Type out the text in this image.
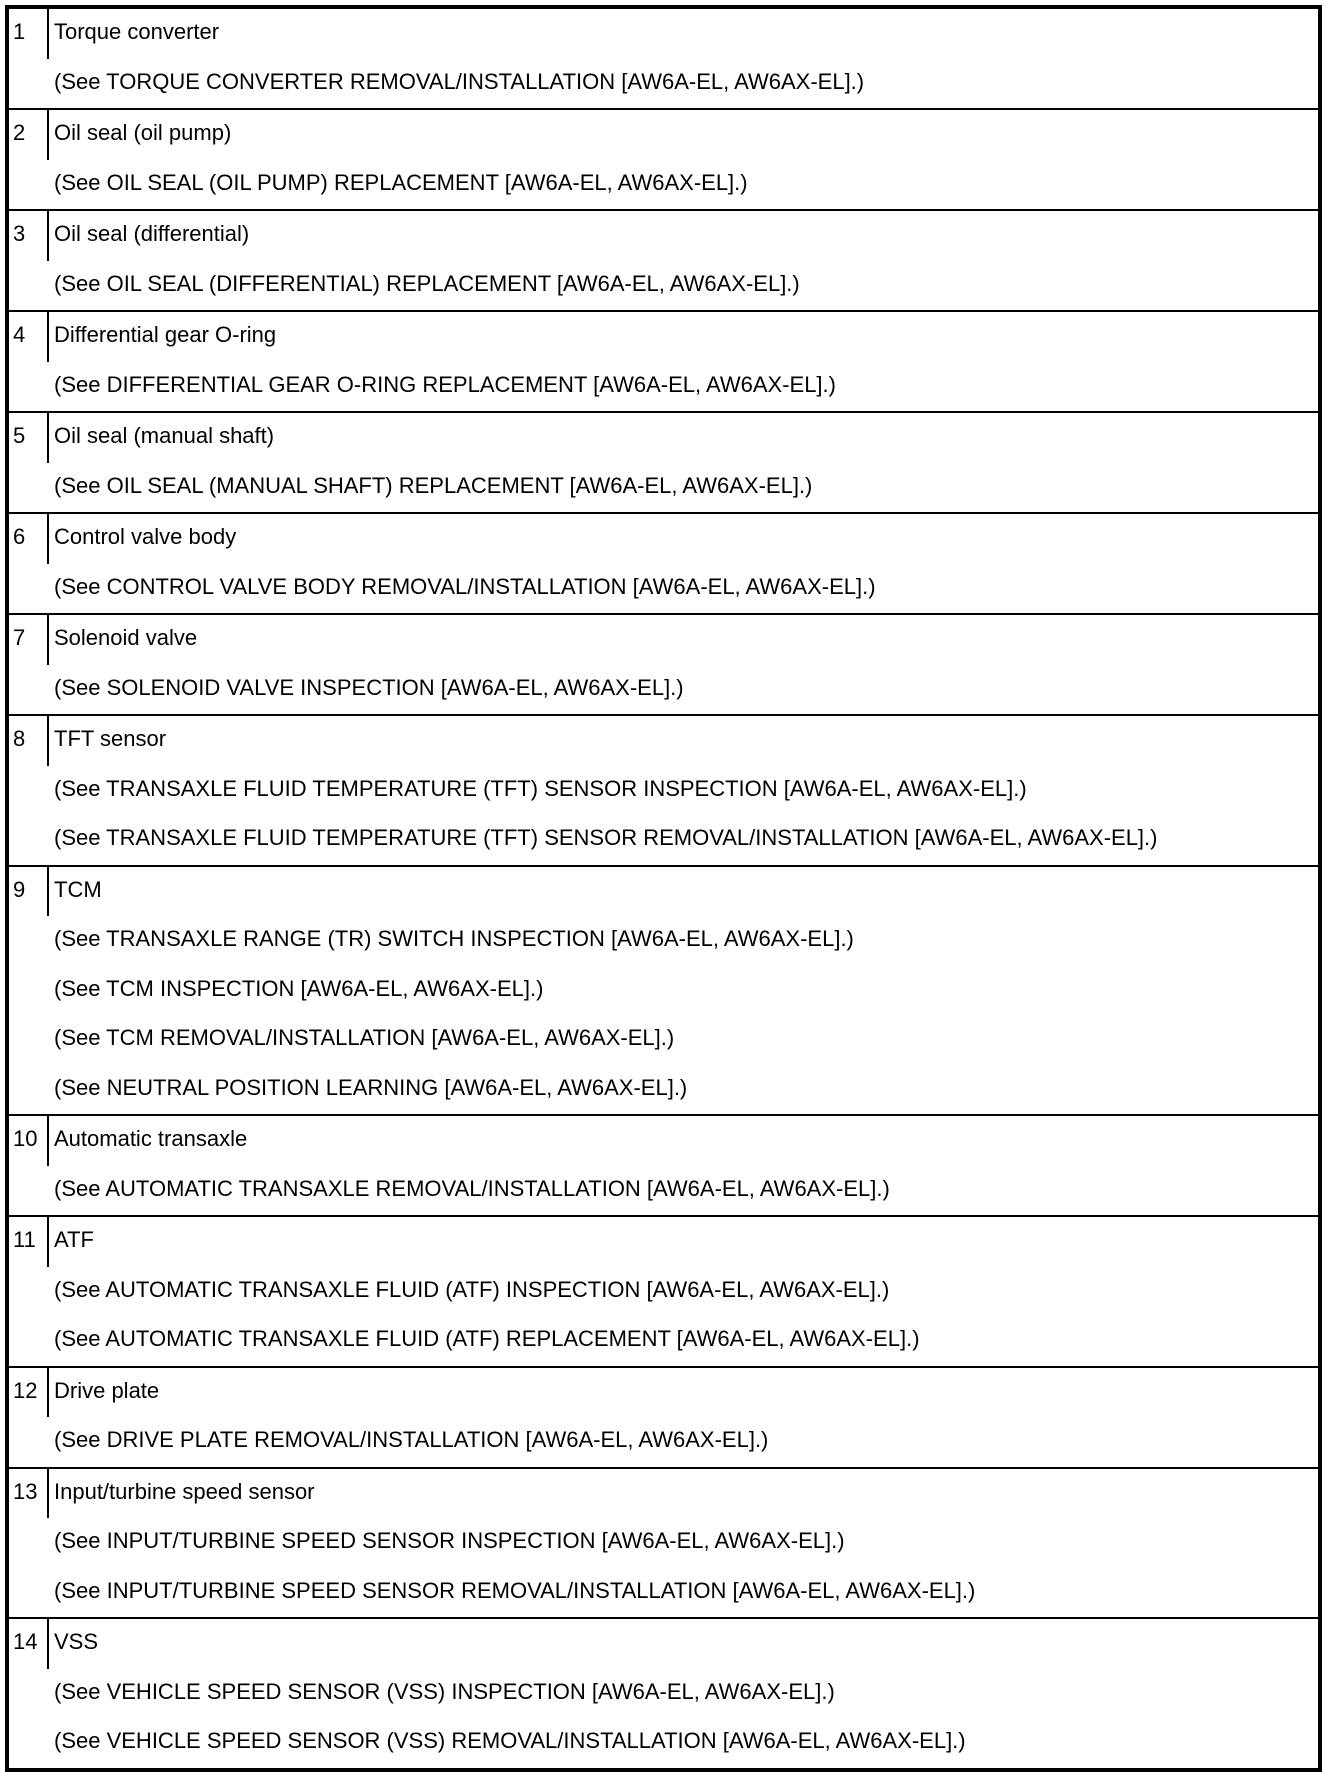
1	Torque converter
(See TORQUE CONVERTER REMOVAL/INSTALLATION [AW6A-EL, AW6AX-EL].)
2	Oil seal (oil pump)
(See OIL SEAL (OIL PUMP) REPLACEMENT [AW6A-EL, AW6AX-EL].)
3	Oil seal (differential)
(See OIL SEAL (DIFFERENTIAL) REPLACEMENT [AW6A-EL, AW6AX-EL].)
4	Differential gear O-ring
(See DIFFERENTIAL GEAR O-RING REPLACEMENT [AW6A-EL, AW6AX-EL].)
5	Oil seal (manual shaft)
(See OIL SEAL (MANUAL SHAFT) REPLACEMENT [AW6A-EL, AW6AX-EL].)
6	Control valve body
(See CONTROL VALVE BODY REMOVAL/INSTALLATION [AW6A-EL, AW6AX-EL].)
7	Solenoid valve
(See SOLENOID VALVE INSPECTION [AW6A-EL, AW6AX-EL].)
8	TFT sensor
(See TRANSAXLE FLUID TEMPERATURE (TFT) SENSOR INSPECTION [AW6A-EL, AW6AX-EL].)
(See TRANSAXLE FLUID TEMPERATURE (TFT) SENSOR REMOVAL/INSTALLATION [AW6A-EL, AW6AX-EL].)
9	TCM
(See TRANSAXLE RANGE (TR) SWITCH INSPECTION [AW6A-EL, AW6AX-EL].)
(See TCM INSPECTION [AW6A-EL, AW6AX-EL].)
(See TCM REMOVAL/INSTALLATION [AW6A-EL, AW6AX-EL].)
(See NEUTRAL POSITION LEARNING [AW6A-EL, AW6AX-EL].)
10 Automatic transaxle
(See AUTOMATIC TRANSAXLE REMOVAL/INSTALLATION [AW6A-EL, AW6AX-EL].)
11 ATF
(See AUTOMATIC TRANSAXLE FLUID (ATF) INSPECTION [AW6A-EL, AW6AX-EL].)
(See AUTOMATIC TRANSAXLE FLUID (ATF) REPLACEMENT [AW6A-EL, AW6AX-EL].)
12 Drive plate
(See DRIVE PLATE REMOVAL/INSTALLATION [AW6A-EL, AW6AX-EL].)
13 Input/turbine speed sensor
(See INPUT/TURBINE SPEED SENSOR INSPECTION [AW6A-EL, AW6AX-EL].)
(See INPUT/TURBINE SPEED SENSOR REMOVAL/INSTALLATION [AW6A-EL, AW6AX-EL].)
14 VSS
(See VEHICLE SPEED SENSOR (VSS) INSPECTION [AW6A-EL, AW6AX-EL].)
(See VEHICLE SPEED SENSOR (VSS) REMOVAL/INSTALLATION [AW6A-EL, AW6AX-EL].)
